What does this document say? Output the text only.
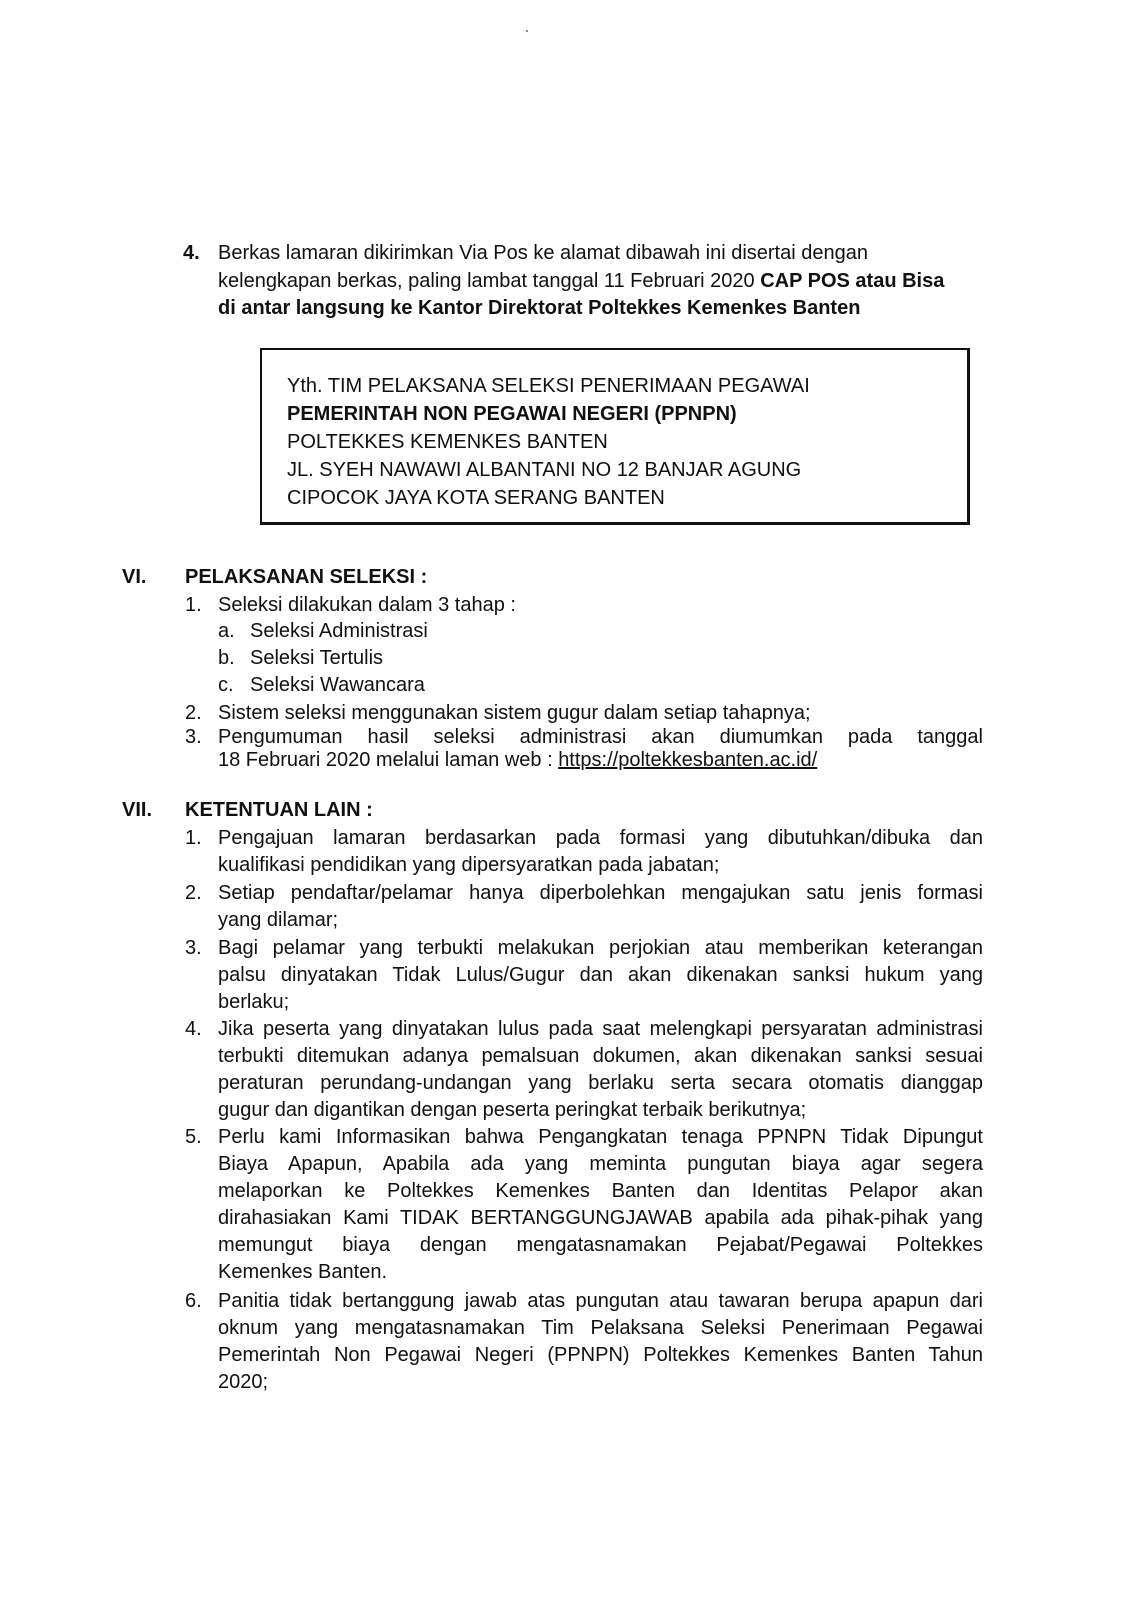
4. Berkas lamaran dikirimkan Via Pos ke alamat dibawah ini disertai dengan
kelengkapan berkas, paling lambat tanggal 11 Februari 2020 CAP POS atau Bisa
di antar langsung ke Kantor Direktorat Poltekkes Kemenkes Banten
Yth. TIM PELAKSANA SELEKSI PENERIMAAN PEGAWAI
PEMERINTAH NON PEGAWAI NEGERI (PPNPN)
POLTEKKES KEMENKES BANTEN
JL. SYEH NAWAWI ALBANTANI NO 12 BANJAR AGUNG
CIPOCOK JAYA KOTA SERANG BANTEN
VI. PELAKSANAN SELEKSI :
1. Seleksi dilakukan dalam 3 tahap :
a. Seleksi Administrasi
b. Seleksi Tertulis
c. Seleksi Wawancara
2. Sistem seleksi menggunakan sistem gugur dalam setiap tahapnya;
3. Pengumuman hasil seleksi administrasi akan diumumkan pada tanggal
18 Februari 2020 melalui laman web : https://poltekkesbanten.ac.id/
VII. KETENTUAN LAIN :
1. Pengajuan lamaran berdasarkan pada formasi yang dibutuhkan/dibuka dan
kualifikasi pendidikan yang dipersyaratkan pada jabatan;
2. Setiap pendaftar/pelamar hanya diperbolehkan mengajukan satu jenis formasi
yang dilamar;
3. Bagi pelamar yang terbukti melakukan perjokian atau memberikan keterangan
palsu dinyatakan Tidak Lulus/Gugur dan akan dikenakan sanksi hukum yang
berlaku;
4. Jika peserta yang dinyatakan lulus pada saat melengkapi persyaratan administrasi
terbukti ditemukan adanya pemalsuan dokumen, akan dikenakan sanksi sesuai
peraturan perundang-undangan yang berlaku serta secara otomatis dianggap
gugur dan digantikan dengan peserta peringkat terbaik berikutnya;
5. Perlu kami Informasikan bahwa Pengangkatan tenaga PPNPN Tidak Dipungut
Biaya Apapun, Apabila ada yang meminta pungutan biaya agar segera
melaporkan ke Poltekkes Kemenkes Banten dan Identitas Pelapor akan
dirahasiakan Kami TIDAK BERTANGGUNGJAWAB apabila ada pihak-pihak yang
memungut biaya dengan mengatasnamakan Pejabat/Pegawai Poltekkes
Kemenkes Banten.
6. Panitia tidak bertanggung jawab atas pungutan atau tawaran berupa apapun dari
oknum yang mengatasnamakan Tim Pelaksana Seleksi Penerimaan Pegawai
Pemerintah Non Pegawai Negeri (PPNPN) Poltekkes Kemenkes Banten Tahun
2020;
